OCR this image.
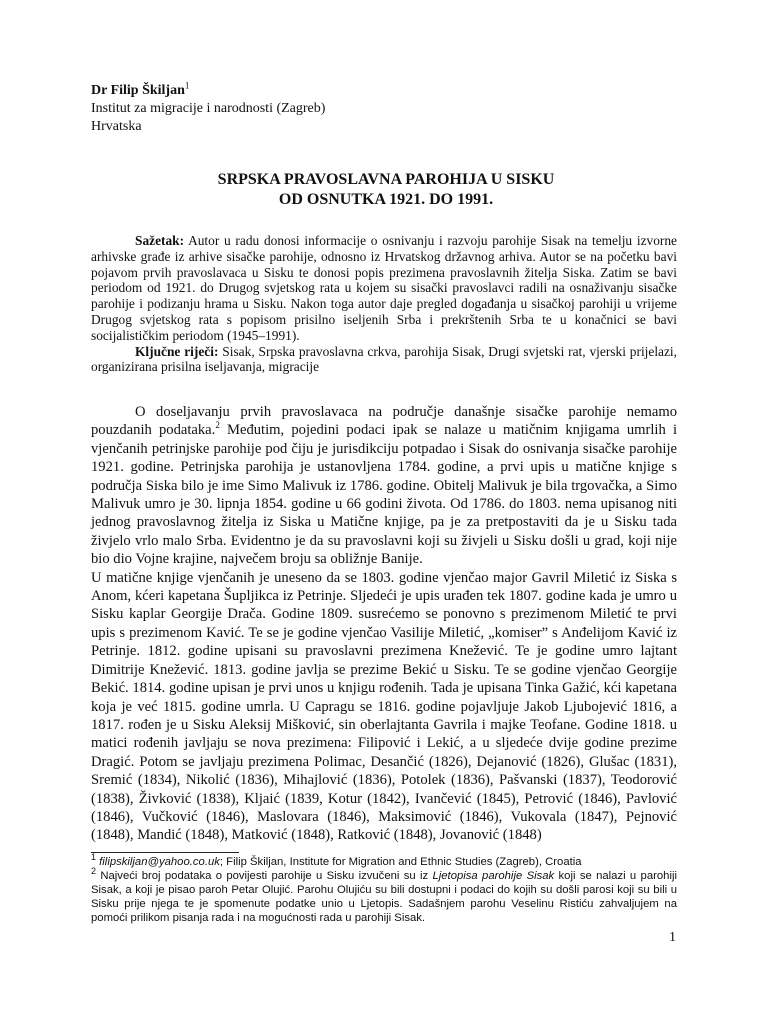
Dr Filip Škiljan$^1$
Institut za migracije i narodnosti (Zagreb)
Hrvatska
SRPSKA PRAVOSLAVNA PAROHIJA U SISKU
OD OSNUTKA 1921. DO 1991.

Sažetak: Autor u radu donosi informacije o osnivanju i razvoju parohije Sisak na temelju izvorne arhivske građe iz arhive sisačke parohije, odnosno iz Hrvatskog državnog arhiva. Autor se na početku bavi pojavom prvih pravoslavaca u Sisku te donosi popis prezimena pravoslavnih žitelja Siska. Zatim se bavi periodom od 1921. do Drugog svjetskog rata u kojem su sisački pravoslavci radili na osnaživanju sisačke parohije i podizanju hrama u Sisku. Nakon toga autor daje pregled događanja u sisačkoj parohiji u vrijeme Drugog svjetskog rata s popisom prisilno iseljenih Srba i prekrštenih Srba te u konačnici se bavi socijalističkim periodom (1945–1991).

Ključne riječi: Sisak, Srpska pravoslavna crkva, parohija Sisak, Drugi svjetski rat, vjerski prijelazi, organizirana prisilna iseljavanja, migracije

O doseljavanju prvih pravoslavaca na područje današnje sisačke parohije nemamo pouzdanih podataka.$^2$ Međutim, pojedini podaci ipak se nalaze u matičnim knjigama umrlih i vjenčanih petrinjske parohije pod čiju je jurisdikciju potpadao i Sisak do osnivanja sisačke parohije 1921. godine. Petrinjska parohija je ustanovljena 1784. godine, a prvi upis u matične knjige s područja Siska bilo je ime Simo Malivuk iz 1786. godine. Obitelj Malivuk je bila trgovačka, a Simo Malivuk umro je 30. lipnja 1854. godine u 66 godini života. Od 1786. do 1803. nema upisanog niti jednog pravoslavnog žitelja iz Siska u Matične knjige, pa je za pretpostaviti da je u Sisku tada živjelo vrlo malo Srba. Evidentno je da su pravoslavni koji su živjeli u Sisku došli u grad, koji nije bio dio Vojne krajine, največem broju sa obližnje Banije.

U matične knjige vjenčanih je uneseno da se 1803. godine vjenčao major Gavril Miletić iz Siska s Anom, kćeri kapetana Šupljikca iz Petrinje. Sljedeći je upis urađen tek 1807. godine kada je umro u Sisku kaplar Georgije Drača. Godine 1809. susrećemo se ponovno s prezimenom Miletić te prvi upis s prezimenom Kavić. Te se je godine vjenčao Vasilije Miletić, „komiser” s Anđelijom Kavić iz Petrinje. 1812. godine upisani su pravoslavni prezimena Knežević. Te je godine umro lajtant Dimitrije Knežević. 1813. godine javlja se prezime Bekić u Sisku. Te se godine vjenčao Georgije Bekić. 1814. godine upisan je prvi unos u knjigu rođenih. Tada je upisana Tinka Gažić, kći kapetana koja je već 1815. godine umrla. U Capragu se 1816. godine pojavljuje Jakob Ljubojević 1816, a 1817. rođen je u Sisku Aleksij Mišković, sin oberlajtanta Gavrila i majke Teofane. Godine 1818. u matici rođenih javljaju se nova prezimena: Filipović i Lekić, a u sljedeće dvije godine prezime Dragić. Potom se javljaju prezimena Polimac, Desančić (1826), Dejanović (1826), Glušac (1831), Sremić (1834), Nikolić (1836), Mihajlović (1836), Potolek (1836), Pašvanski (1837), Teodorović (1838), Živković (1838), Kljaić (1839, Kotur (1842), Ivančević (1845), Petrović (1846), Pavlović (1846), Vučković (1846), Maslovara (1846), Maksimović (1846), Vukovala (1847), Pejnović (1848), Mandić (1848), Matković (1848), Ratković (1848), Jovanović (1848)

$^1$ filipskiljan@yahoo.co.uk; Filip Škiljan, Institute for Migration and Ethnic Studies (Zagreb), Croatia

$^2$ Najveći broj podataka o povijesti parohije u Sisku izvučeni su iz Ljetopisa parohije Sisak koji se nalazi u parohiji Sisak, a koji je pisao paroh Petar Olujić. Parohu Olujiću su bili dostupni i podaci do kojih su došli parosi koji su bili u Sisku prije njega te je spomenute podatke unio u Ljetopis. Sadašnjem parohu Veselinu Ristiću zahvaljujem na pomoći prilikom pisanja rada i na mogućnosti rada u parohiji Sisak.

1
